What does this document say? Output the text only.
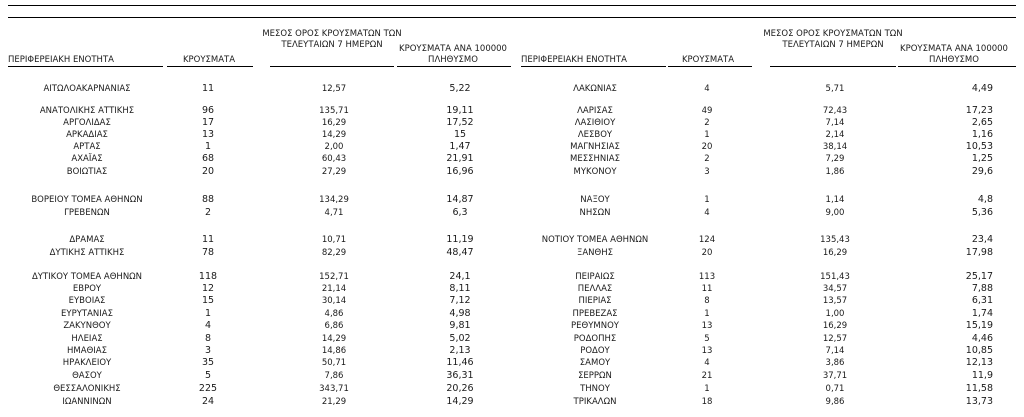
ΠΕΡΙΦΕΡΕΙΑΚΗ ΕΝΟΤΗΤΑ	ΚΡΟΥΣΜΑΤΑ
ΜΕΣΟΣ ΟΡΟΣ ΚΡΟΥΣΜΑΤΩΝ ΤΩΝ ΤΕΛΕΥΤΑΙΩΝ 7 ΗΜΕΡΩΝ	ΚΡΟΥΣΜΑΤΑ ΑΝΑ 100000 ΠΛΗΘΥΣΜΟ	ΠΕΡΙΦΕΡΕΙΑΚΗ ΕΝΟΤΗΤΑ	ΚΡΟΥΣΜΑΤΑ
ΜΕΣΟΣ ΟΡΟΣ ΚΡΟΥΣΜΑΤΩΝ ΤΩΝ ΤΕΛΕΥΤΑΙΩΝ 7 ΗΜΕΡΩΝ	ΚΡΟΥΣΜΑΤΑ ΑΝΑ 100000 ΠΛΗΘΥΣΜΟ
ΑΙΤΩΛΟΑΚΑΡΝΑΝΙΑΣ	11	12,57	5,22
ΑΝΑΤΟΛΙΚΗΣ ΑΤΤΙΚΗΣ	96	135,71	19,11
ΑΡΓΟΛΙΔΑΣ	17	16,29	17,52
ΑΡΚΑΔΙΑΣ	13	14,29	15
ΑΡΤΑΣ	1	2,00	1,47
ΑΧΑΪΑΣ	68	60,43	21,91
ΒΟΙΩΤΙΑΣ	20	27,29	16,96
ΒΟΡΕΙΟΥ ΤΟΜΕΑ ΑΘΗΝΩΝ	88	134,29	14,87
ΓΡΕΒΕΝΩΝ	2	4,71	6,3
ΔΡΑΜΑΣ	11	10,71	11,19
ΔΥΤΙΚΗΣ ΑΤΤΙΚΗΣ	78	82,29	48,47
ΔΥΤΙΚΟΥ ΤΟΜΕΑ ΑΘΗΝΩΝ	118	152,71	24,1
ΕΒΡΟΥ	12	21,14	8,11
ΕΥΒΟΙΑΣ	15	30,14	7,12
ΕΥΡΥΤΑΝΙΑΣ	1	4,86	4,98
ΖΑΚΥΝΘΟΥ	4	6,86	9,81
ΗΛΕΙΑΣ	8	14,29	5,02
ΗΜΑΘΙΑΣ	3	14,86	2,13
ΗΡΑΚΛΕΙΟΥ	35	50,71	11,46
ΘΑΣΟΥ	5	7,86	36,31
ΘΕΣΣΑΛΟΝΙΚΗΣ	225	343,71	20,26
ΙΩΑΝΝΙΝΩΝ	24	21,29	14,29
ΛΑΚΩΝΙΑΣ	4	5,71	4,49
ΛΑΡΙΣΑΣ	49	72,43	17,23
ΛΑΣΙΘΙΟΥ	2	7,14	2,65
ΛΕΣΒΟΥ	1	2,14	1,16
ΜΑΓΝΗΣΙΑΣ	20	38,14	10,53
ΜΕΣΣΗΝΙΑΣ	2	7,29	1,25
ΜΥΚΟΝΟΥ	3	1,86	29,6
ΝΑΞΟΥ	1	1,14	4,8
ΝΗΣΩΝ	4	9,00	5,36
ΝΟΤΙΟΥ ΤΟΜΕΑ ΑΘΗΝΩΝ	124	135,43	23,4
ΞΑΝΘΗΣ	20	16,29	17,98
ΠΕΙΡΑΙΩΣ	113	151,43	25,17
ΠΕΛΛΑΣ	11	34,57	7,88
ΠΙΕΡΙΑΣ	8	13,57	6,31
ΠΡΕΒΕΖΑΣ	1	1,00	1,74
ΡΕΘΥΜΝΟΥ	13	16,29	15,19
ΡΟΔΟΠΗΣ	5	12,57	4,46
ΡΟΔΟΥ	13	7,14	10,85
ΣΑΜΟΥ	4	3,86	12,13
ΣΕΡΡΩΝ	21	37,71	11,9
ΤΗΝΟΥ	1	0,71	11,58
ΤΡΙΚΑΛΩΝ	18	9,86	13,73
